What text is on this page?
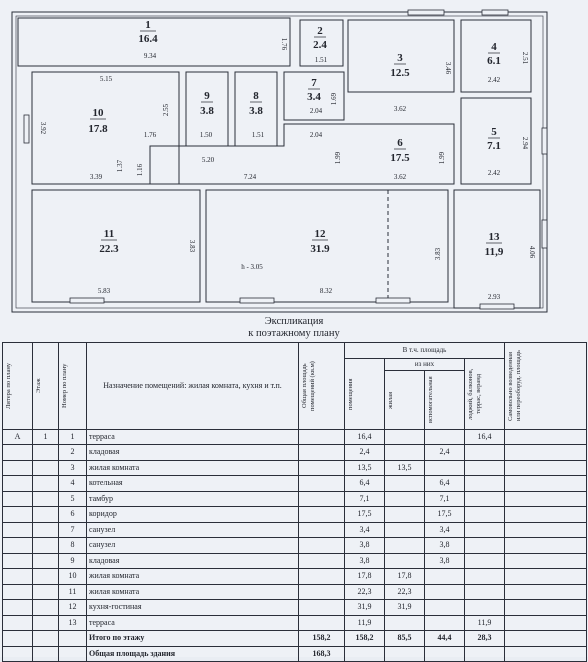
1
16.4
2
2.4
3
12.5
4
6.1
5
7.1
6
17.5
7
3.4
8
3.8
9
3.8
10
17.8
11
22.3
12
31.9
13
11,9
9.34
1.76
1.51
3.46
2.51
2.42
5.15
2.55
3.92
2.04
1.69
3.62
1.76	1.50	1.51	2.04
2.94
1.37	5.20	1.99	1.99
1.16
3.39	7.24	3.62	2.42
3.83
3.83	4.06
h - 3.05
5.83	8.32
2.93
Экспликация
к поэтажному плану
Литера по плану	Этаж	Номер по плану	Назначение помещений: жилая комната, кухня и т.п.	Общая площадь помещений (кв.м)	В т.ч. площадь				Самовольно возведенная или переоборуд. площадь

					помещения	из них		лоджий, балконов, террас, веранд	

						жилая	вспомогательная		

А	1	1	терраса		16,4			16,4	
		2	кладовая		2,4		2,4		
		3	жилая комната		13,5	13,5			
		4	котельная		6,4		6,4		
		5	тамбур		7,1		7,1		
		6	коридор		17,5		17,5		
		7	санузел		3,4		3,4		
		8	санузел		3,8		3,8		
		9	кладовая		3,8		3,8		
		10	жилая комната		17,8	17,8			
		11	жилая комната		22,3	22,3			
		12	кухня-гостиная		31,9	31,9			
		13	терраса		11,9			11,9	
			Итого по этажу	158,2	158,2	85,5	44,4	28,3	
			Общая площадь здания	168,3					
